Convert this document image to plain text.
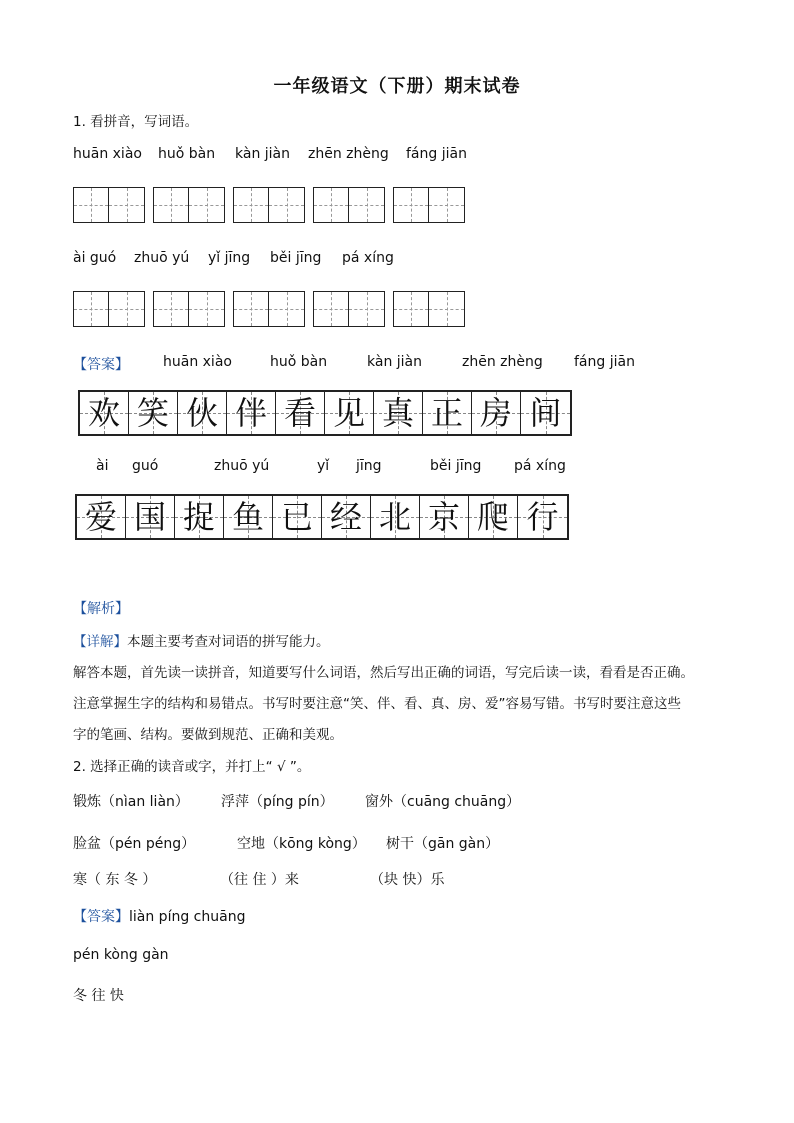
一年级语文（下册）期末试卷
1. 看拼音，写词语。
huān xiào huǒ bàn kàn jiàn zhēn zhèng fáng jiān
ài guó zhuō yú yǐ jīng běi jīng pá xíng
【答案】 huān xiào	huǒ bàn	kàn jiàn	zhēn zhèng fáng jiān
欢 笑 伙 伴 看 见 真 正 房 间
ài guó	zhuō yú	yǐ jīng	běi jīng pá xíng
爱 国 捉 鱼 已 经 北 京 爬 行
【解析】
【详解】本题主要考查对词语的拼写能力。
解答本题，首先读一读拼音，知道要写什么词语，然后写出正确的词语，写完后读一读，看看是否正确。
注意掌握生字的结构和易错点。书写时要注意“笑、伴、看、真、房、爱”容易写错。书写时要注意这些
字的笔画、结构。要做到规范、正确和美观。
2. 选择正确的读音或字，并打上“ √ ”。
锻炼（nìan liàn） 浮萍（píng pín） 窗外（cuāng chuāng）
脸盆（pén péng）	空地（kōng kòng） 树干（gān gàn）
寒（ 东 冬 ）	（往 住 ）来	（块 快）乐
【答案】liàn píng chuāng
pén kòng gàn
冬 往 快
